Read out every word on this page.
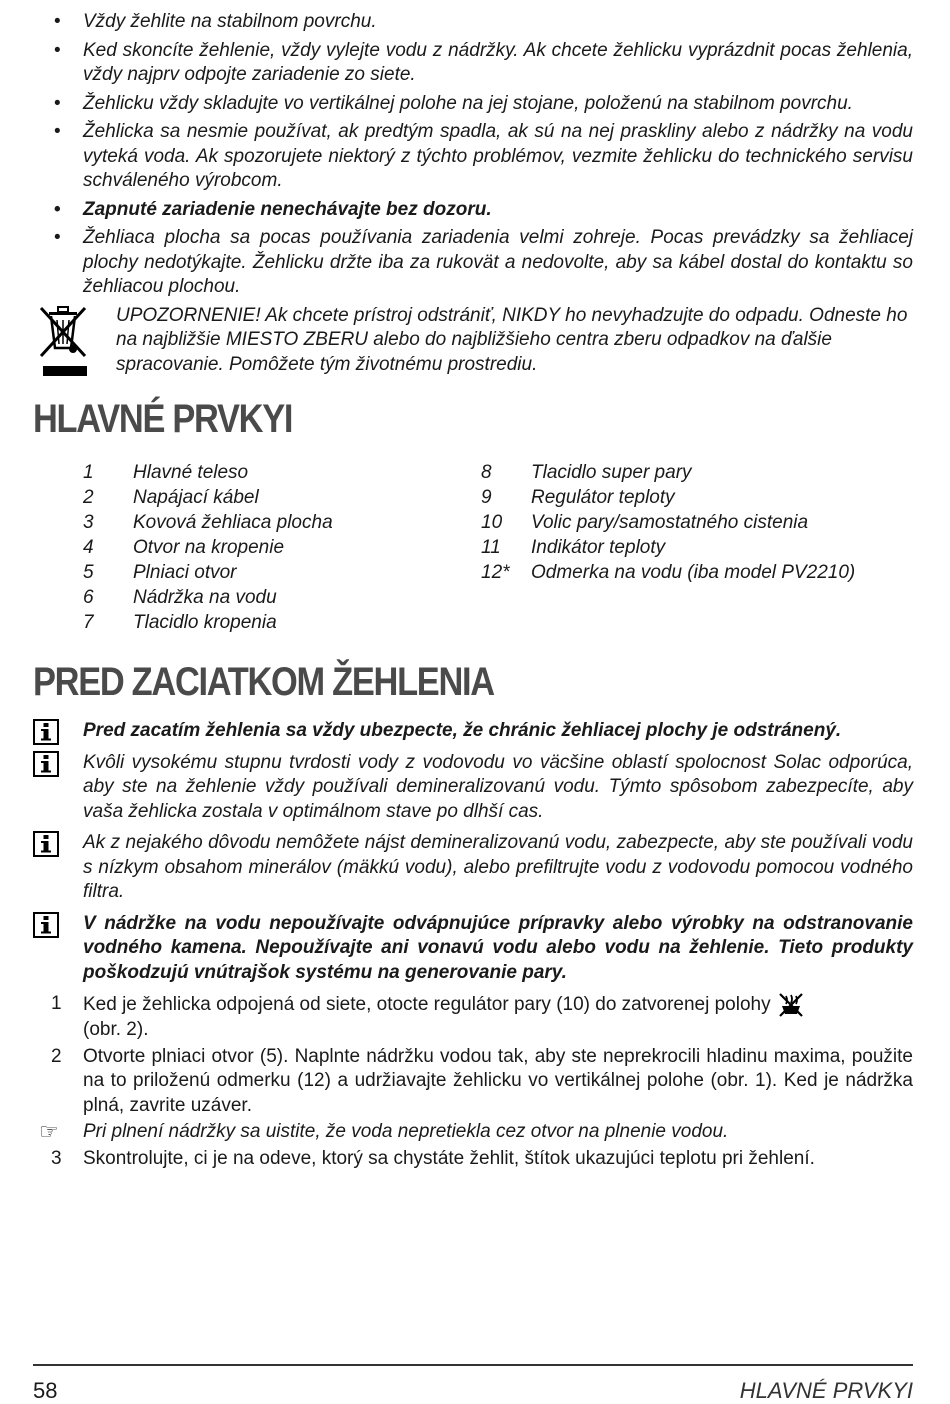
• Vždy žehlite na stabilnom povrchu.
• Ked skoncíte žehlenie, vždy vylejte vodu z nádržky. Ak chcete žehlicku vyprázdnit pocas žehlenia, vždy najprv odpojte zariadenie zo siete.
• Žehlicku vždy skladujte vo vertikálnej polohe na jej stojane, položenú na stabilnom povrchu.
• Žehlicka sa nesmie používat, ak predtým spadla, ak sú na nej praskliny alebo z nádržky na vodu vyteká voda. Ak spozorujete niektorý z týchto problémov, vezmite žehlicku do technického servisu schváleného výrobcom.
• Zapnuté zariadenie nenechávajte bez dozoru.
• Žehliaca plocha sa pocas používania zariadenia velmi zohreje. Pocas prevádzky sa žehliacej plochy nedotýkajte. Žehlicku držte iba za rukovät a nedovolte, aby sa kábel dostal do kontaktu so žehliacou plochou.
UPOZORNENIE! Ak chcete prístroj odstrániť, NIKDY ho nevyhadzujte do odpadu. Odneste ho na najbližšie MIESTO ZBERU alebo do najbližšieho centra zberu odpadkov na ďalšie spracovanie. Pomôžete tým životnému prostrediu.
HLAVNÉ PRVKYI
1	Hlavné teleso
2	Napájací kábel
3	Kovová žehliaca plocha
4	Otvor na kropenie
5	Plniaci otvor
6	Nádržka na vodu
7	Tlacidlo kropenia
8	Tlacidlo super pary
9	Regulátor teploty
10	Volic pary/samostatného cistenia
11	Indikátor teploty
12*	Odmerka na vodu (iba model PV2210)
PRED ZACIATKOM ŽEHLENIA
Pred zacatím žehlenia sa vždy ubezpecte, že chránic žehliacej plochy je odstránený.
Kvôli vysokému stupnu tvrdosti vody z vodovodu vo väcšine oblastí spolocnost Solac odporúca, aby ste na žehlenie vždy používali demineralizovanú vodu. Týmto spôsobom zabezpecíte, aby vaša žehlicka zostala v optimálnom stave po dlhší cas.
Ak z nejakého dôvodu nemôžete nájst demineralizovanú vodu, zabezpecte, aby ste používali vodu s nízkym obsahom minerálov (mäkkú vodu), alebo prefiltrujte vodu z vodovodu pomocou vodného filtra.
V nádržke na vodu nepoužívajte odvápnujúce prípravky alebo výrobky na odstranovanie vodného kamena. Nepoužívajte ani vonavú vodu alebo vodu na žehlenie. Tieto produkty poškodzujú vnútrajšok systému na generovanie pary.
1 Ked je žehlicka odpojená od siete, otocte regulátor pary (10) do zatvorenej polohy
(obr. 2).
2 Otvorte plniaci otvor (5). Naplnte nádržku vodou tak, aby ste neprekrocili hladinu maxima, použite na to priloženú odmerku (12) a udržiavajte žehlicku vo vertikálnej polohe (obr. 1). Ked je nádržka plná, zavrite uzáver.
☞ Pri plnení nádržky sa uistite, že voda nepretiekla cez otvor na plnenie vodou.
3 Skontrolujte, ci je na odeve, ktorý sa chystáte žehlit, štítok ukazujúci teplotu pri žehlení.
58	HLAVNÉ PRVKYI
